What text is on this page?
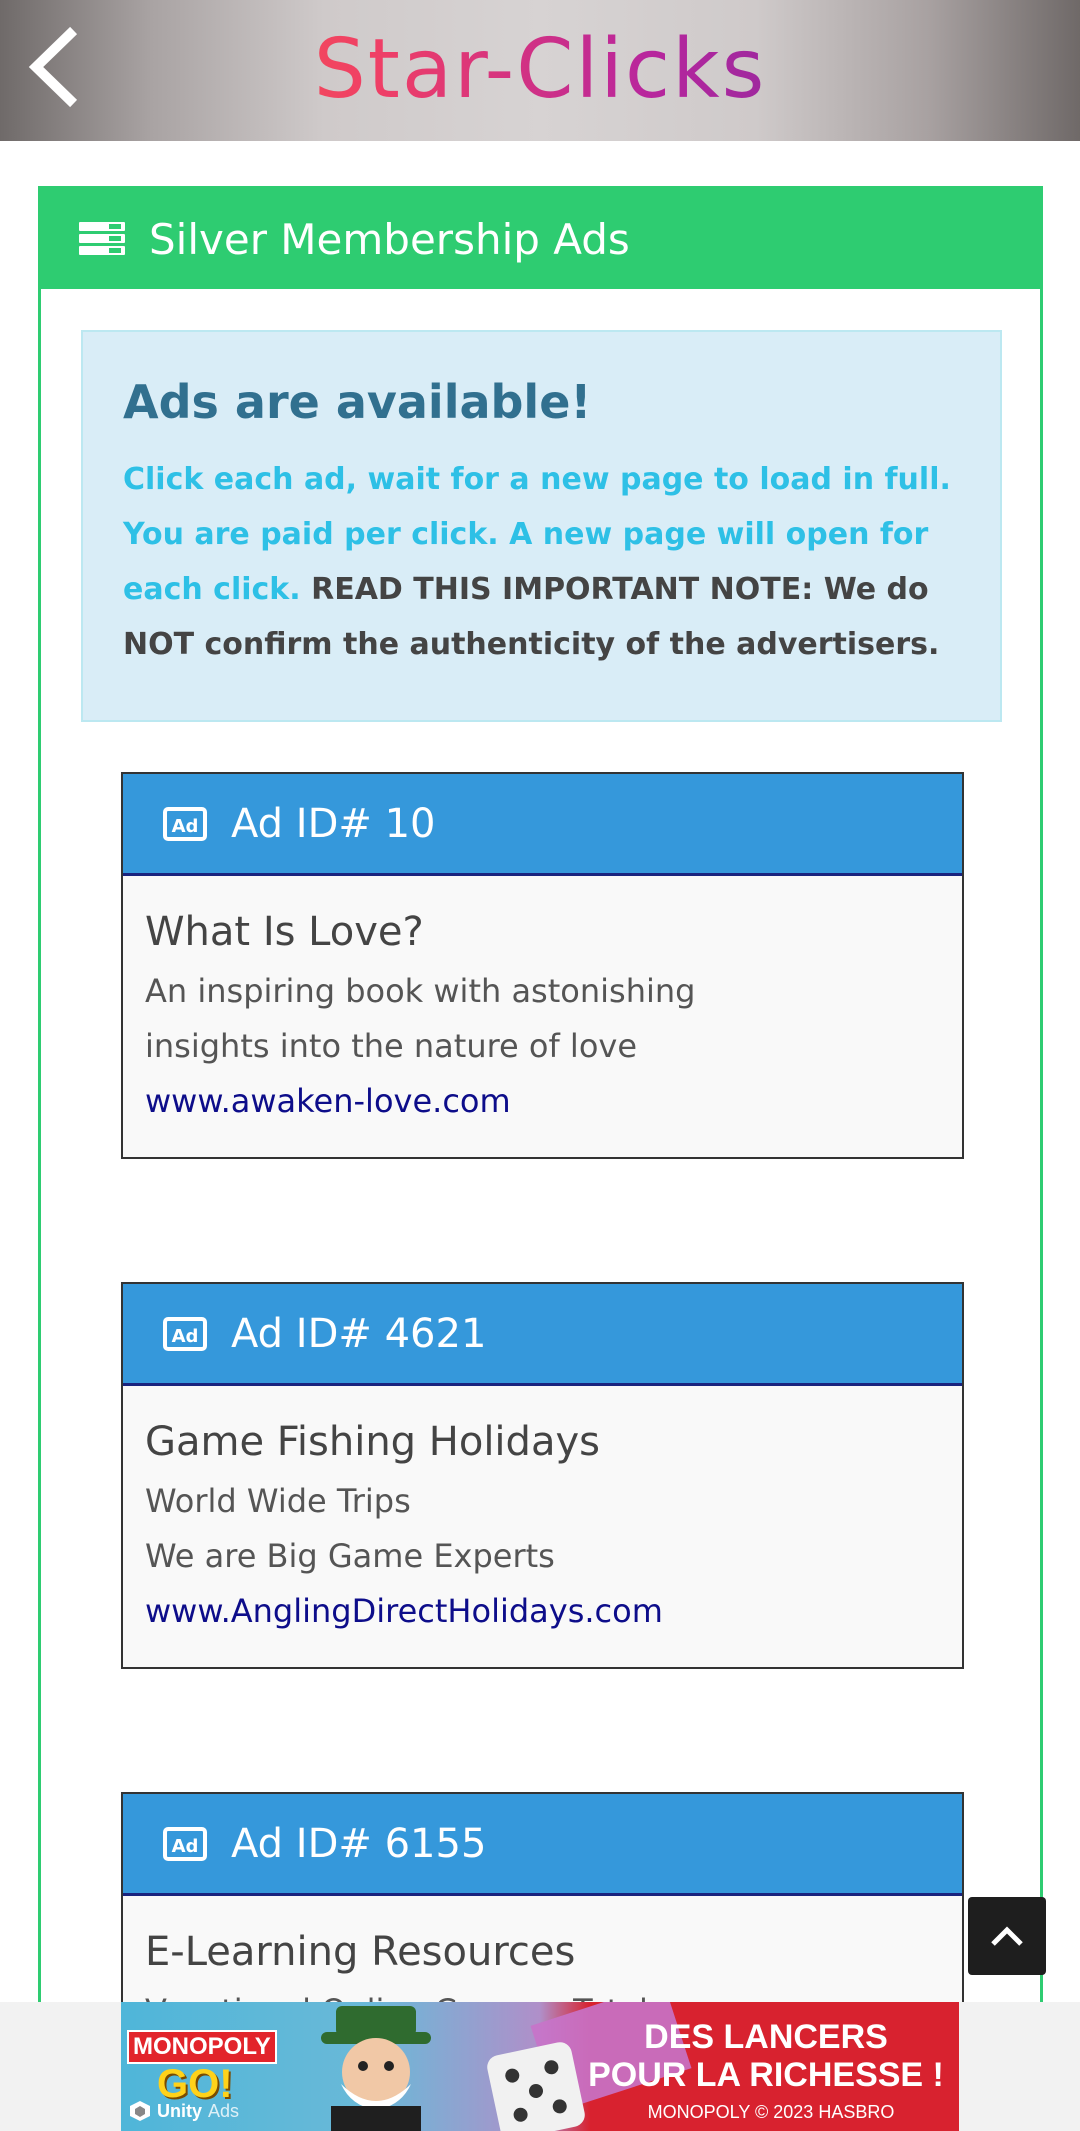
Star-Clicks
Silver Membership Ads
Ads are available!
Click each ad, wait for a new page to load in full. You are paid per click. A new page will open for each click. READ THIS IMPORTANT NOTE: We do NOT confirm the authenticity of the advertisers.
Ad Ad ID# 10
What Is Love?
An inspiring book with astonishing
insights into the nature of love
www.awaken-love.com
Ad Ad ID# 4621
Game Fishing Holidays
World Wide Trips
We are Big Game Experts
www.AnglingDirectHolidays.com
Ad Ad ID# 6155
E-Learning Resources
MONOPOLY
GO!
DES LANCERS
POUR LA RICHESSE !
MONOPOLY © 2023 HASBRO
Unity Ads
